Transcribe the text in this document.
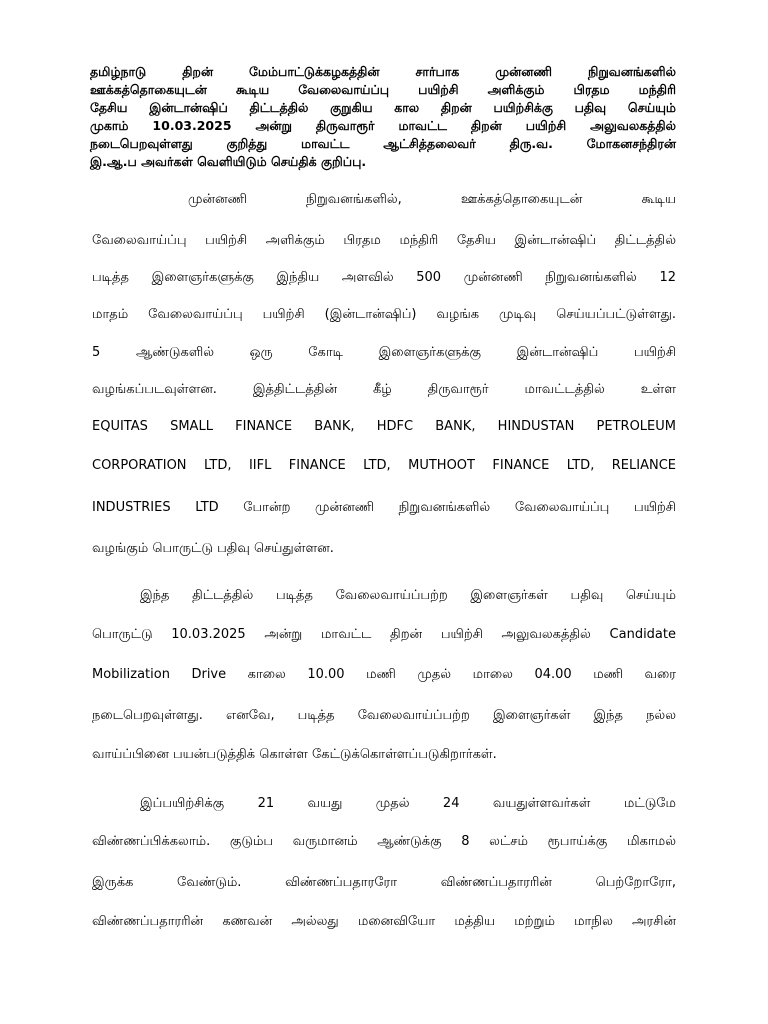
தமிழ்நாடு திறன் மேம்பாட்டுக்கழகத்தின் சார்பாக முன்னணி நிறுவனங்களில்
ஊக்கத்தொகையுடன் கூடிய வேலைவாய்ப்பு பயிற்சி அளிக்கும் பிரதம மந்திரி
தேசிய இன்டான்ஷிப் திட்டத்தில் குறுகிய கால திறன் பயிற்சிக்கு பதிவு செய்யும்
முகாம் 10.03.2025 அன்று திருவாரூர் மாவட்ட திறன் பயிற்சி அலுவலகத்தில்
நடைபெறவுள்ளது குறித்து மாவட்ட ஆட்சித்தலைவர் திரு.வ. மோகனசந்திரன்
இ.ஆ.ப அவர்கள் வெளியிடும் செய்திக் குறிப்பு.
முன்னணி நிறுவனங்களில், ஊக்கத்தொகையுடன் கூடிய
வேலைவாய்ப்பு பயிற்சி அளிக்கும் பிரதம மந்திரி தேசிய இன்டான்ஷிப் திட்டத்தில்
படித்த இளைஞர்களுக்கு இந்திய அளவில் 500 முன்னணி நிறுவனங்களில் 12
மாதம் வேலைவாய்ப்பு பயிற்சி (இன்டான்ஷிப்) வழங்க முடிவு செய்யப்பட்டுள்ளது.
5 ஆண்டுகளில் ஒரு கோடி இளைஞர்களுக்கு இன்டான்ஷிப் பயிற்சி
வழங்கப்படவுள்ளன. இத்திட்டத்தின் கீழ் திருவாரூர் மாவட்டத்தில் உள்ள
EQUITAS SMALL FINANCE BANK, HDFC BANK, HINDUSTAN PETROLEUM
CORPORATION LTD, IIFL FINANCE LTD, MUTHOOT FINANCE LTD, RELIANCE
INDUSTRIES LTD போன்ற முன்னணி நிறுவனங்களில் வேலைவாய்ப்பு பயிற்சி
வழங்கும் பொருட்டு பதிவு செய்துள்ளன.
இந்த திட்டத்தில் படித்த வேலைவாய்ப்பற்ற இளைஞர்கள் பதிவு செய்யும்
பொருட்டு 10.03.2025 அன்று மாவட்ட திறன் பயிற்சி அலுவலகத்தில் Candidate
Mobilization Drive காலை 10.00 மணி முதல் மாலை 04.00 மணி வரை
நடைபெறவுள்ளது. எனவே, படித்த வேலைவாய்ப்பற்ற இளைஞர்கள் இந்த நல்ல
வாய்ப்பினை பயன்படுத்திக் கொள்ள கேட்டுக்கொள்ளப்படுகிறார்கள்.
இப்பயிற்சிக்கு 21 வயது முதல் 24 வயதுள்ளவர்கள் மட்டுமே
விண்ணப்பிக்கலாம். குடும்ப வருமானம் ஆண்டுக்கு 8 லட்சம் ரூபாய்க்கு மிகாமல்
இருக்க வேண்டும். விண்ணப்பதாரரோ விண்ணப்பதாரரின் பெற்றோரோ,
விண்ணப்பதாரரின் கணவன் அல்லது மனைவியோ மத்திய மற்றும் மாநில அரசின்
